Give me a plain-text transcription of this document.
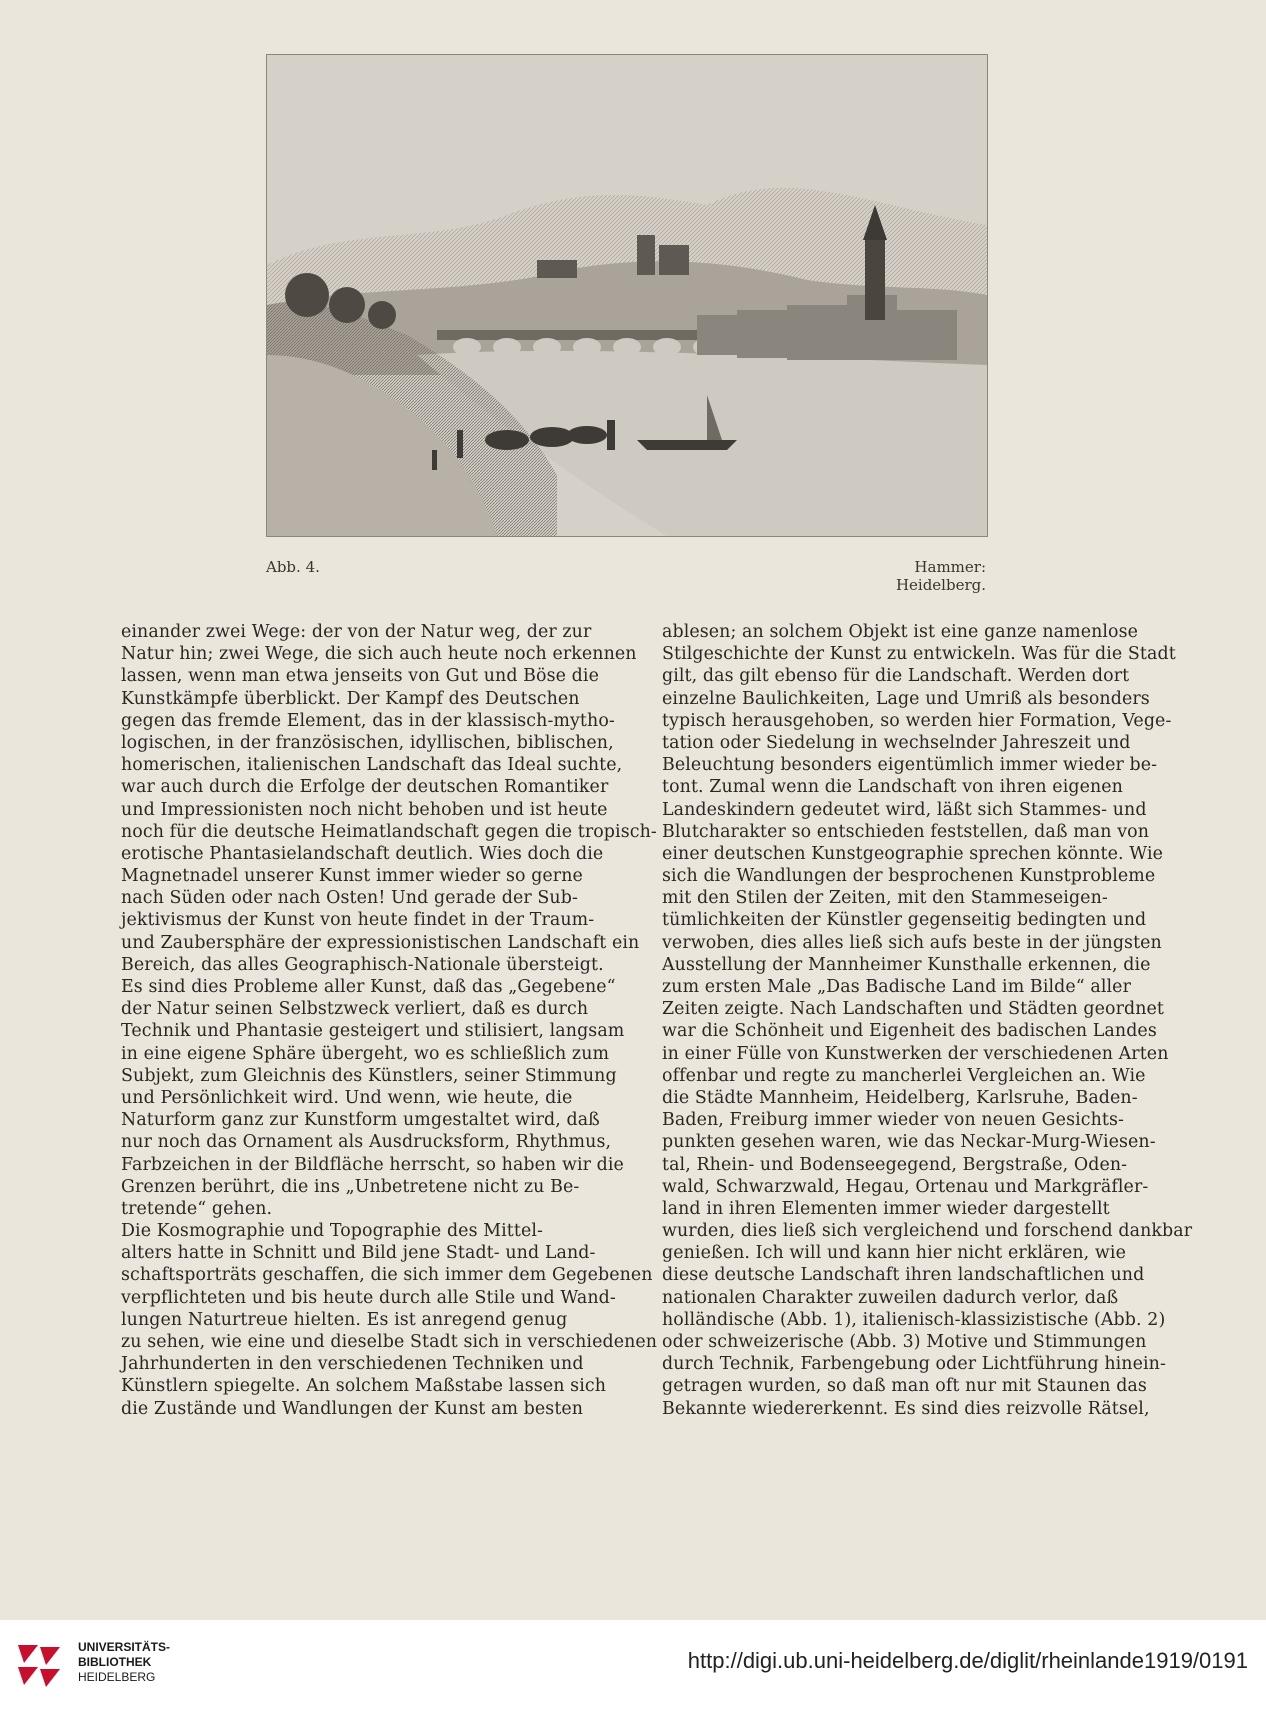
Abb. 4.	Hammer: Heidelberg.
einander zwei Wege: der von der Natur weg, der zur
Natur hin; zwei Wege, die sich auch heute noch erkennen
lassen, wenn man etwa jenseits von Gut und Böse die
Kunstkämpfe überblickt. Der Kampf des Deutschen
gegen das fremde Element, das in der klassisch-mytho-
logischen, in der französischen, idyllischen, biblischen,
homerischen, italienischen Landschaft das Ideal suchte,
war auch durch die Erfolge der deutschen Romantiker
und Impressionisten noch nicht behoben und ist heute
noch für die deutsche Heimatlandschaft gegen die tropisch-
erotische Phantasielandschaft deutlich. Wies doch die
Magnetnadel unserer Kunst immer wieder so gerne
nach Süden oder nach Osten! Und gerade der Sub-
jektivismus der Kunst von heute findet in der Traum-
und Zaubersphäre der expressionistischen Landschaft ein
Bereich, das alles Geographisch-Nationale übersteigt.
Es sind dies Probleme aller Kunst, daß das „Gegebene“
der Natur seinen Selbstzweck verliert, daß es durch
Technik und Phantasie gesteigert und stilisiert, langsam
in eine eigene Sphäre übergeht, wo es schließlich zum
Subjekt, zum Gleichnis des Künstlers, seiner Stimmung
und Persönlichkeit wird. Und wenn, wie heute, die
Naturform ganz zur Kunstform umgestaltet wird, daß
nur noch das Ornament als Ausdrucksform, Rhythmus,
Farbzeichen in der Bildfläche herrscht, so haben wir die
Grenzen berührt, die ins „Unbetretene nicht zu Be-
tretende“ gehen.
Die Kosmographie und Topographie des Mittel-
alters hatte in Schnitt und Bild jene Stadt- und Land-
schaftsporträts geschaffen, die sich immer dem Gegebenen
verpflichteten und bis heute durch alle Stile und Wand-
lungen Naturtreue hielten. Es ist anregend genug
zu sehen, wie eine und dieselbe Stadt sich in verschiedenen
Jahrhunderten in den verschiedenen Techniken und
Künstlern spiegelte. An solchem Maßstabe lassen sich
die Zustände und Wandlungen der Kunst am besten
ablesen; an solchem Objekt ist eine ganze namenlose
Stilgeschichte der Kunst zu entwickeln. Was für die Stadt
gilt, das gilt ebenso für die Landschaft. Werden dort
einzelne Baulichkeiten, Lage und Umriß als besonders
typisch herausgehoben, so werden hier Formation, Vege-
tation oder Siedelung in wechselnder Jahreszeit und
Beleuchtung besonders eigentümlich immer wieder be-
tont. Zumal wenn die Landschaft von ihren eigenen
Landeskindern gedeutet wird, läßt sich Stammes- und
Blutcharakter so entschieden feststellen, daß man von
einer deutschen Kunstgeographie sprechen könnte. Wie
sich die Wandlungen der besprochenen Kunstprobleme
mit den Stilen der Zeiten, mit den Stammeseigen-
tümlichkeiten der Künstler gegenseitig bedingten und
verwoben, dies alles ließ sich aufs beste in der jüngsten
Ausstellung der Mannheimer Kunsthalle erkennen, die
zum ersten Male „Das Badische Land im Bilde“ aller
Zeiten zeigte. Nach Landschaften und Städten geordnet
war die Schönheit und Eigenheit des badischen Landes
in einer Fülle von Kunstwerken der verschiedenen Arten
offenbar und regte zu mancherlei Vergleichen an. Wie
die Städte Mannheim, Heidelberg, Karlsruhe, Baden-
Baden, Freiburg immer wieder von neuen Gesichts-
punkten gesehen waren, wie das Neckar-Murg-Wiesen-
tal, Rhein- und Bodenseegegend, Bergstraße, Oden-
wald, Schwarzwald, Hegau, Ortenau und Markgräfler-
land in ihren Elementen immer wieder dargestellt
wurden, dies ließ sich vergleichend und forschend dankbar
genießen. Ich will und kann hier nicht erklären, wie
diese deutsche Landschaft ihren landschaftlichen und
nationalen Charakter zuweilen dadurch verlor, daß
holländische (Abb. 1), italienisch-klassizistische (Abb. 2)
oder schweizerische (Abb. 3) Motive und Stimmungen
durch Technik, Farbengebung oder Lichtführung hinein-
getragen wurden, so daß man oft nur mit Staunen das
Bekannte wiedererkennt. Es sind dies reizvolle Rätsel,
UNIVERSITÄTS-
BIBLIOTHEK
HEIDELBERG
http://digi.ub.uni-heidelberg.de/diglit/rheinlande1919/0191
